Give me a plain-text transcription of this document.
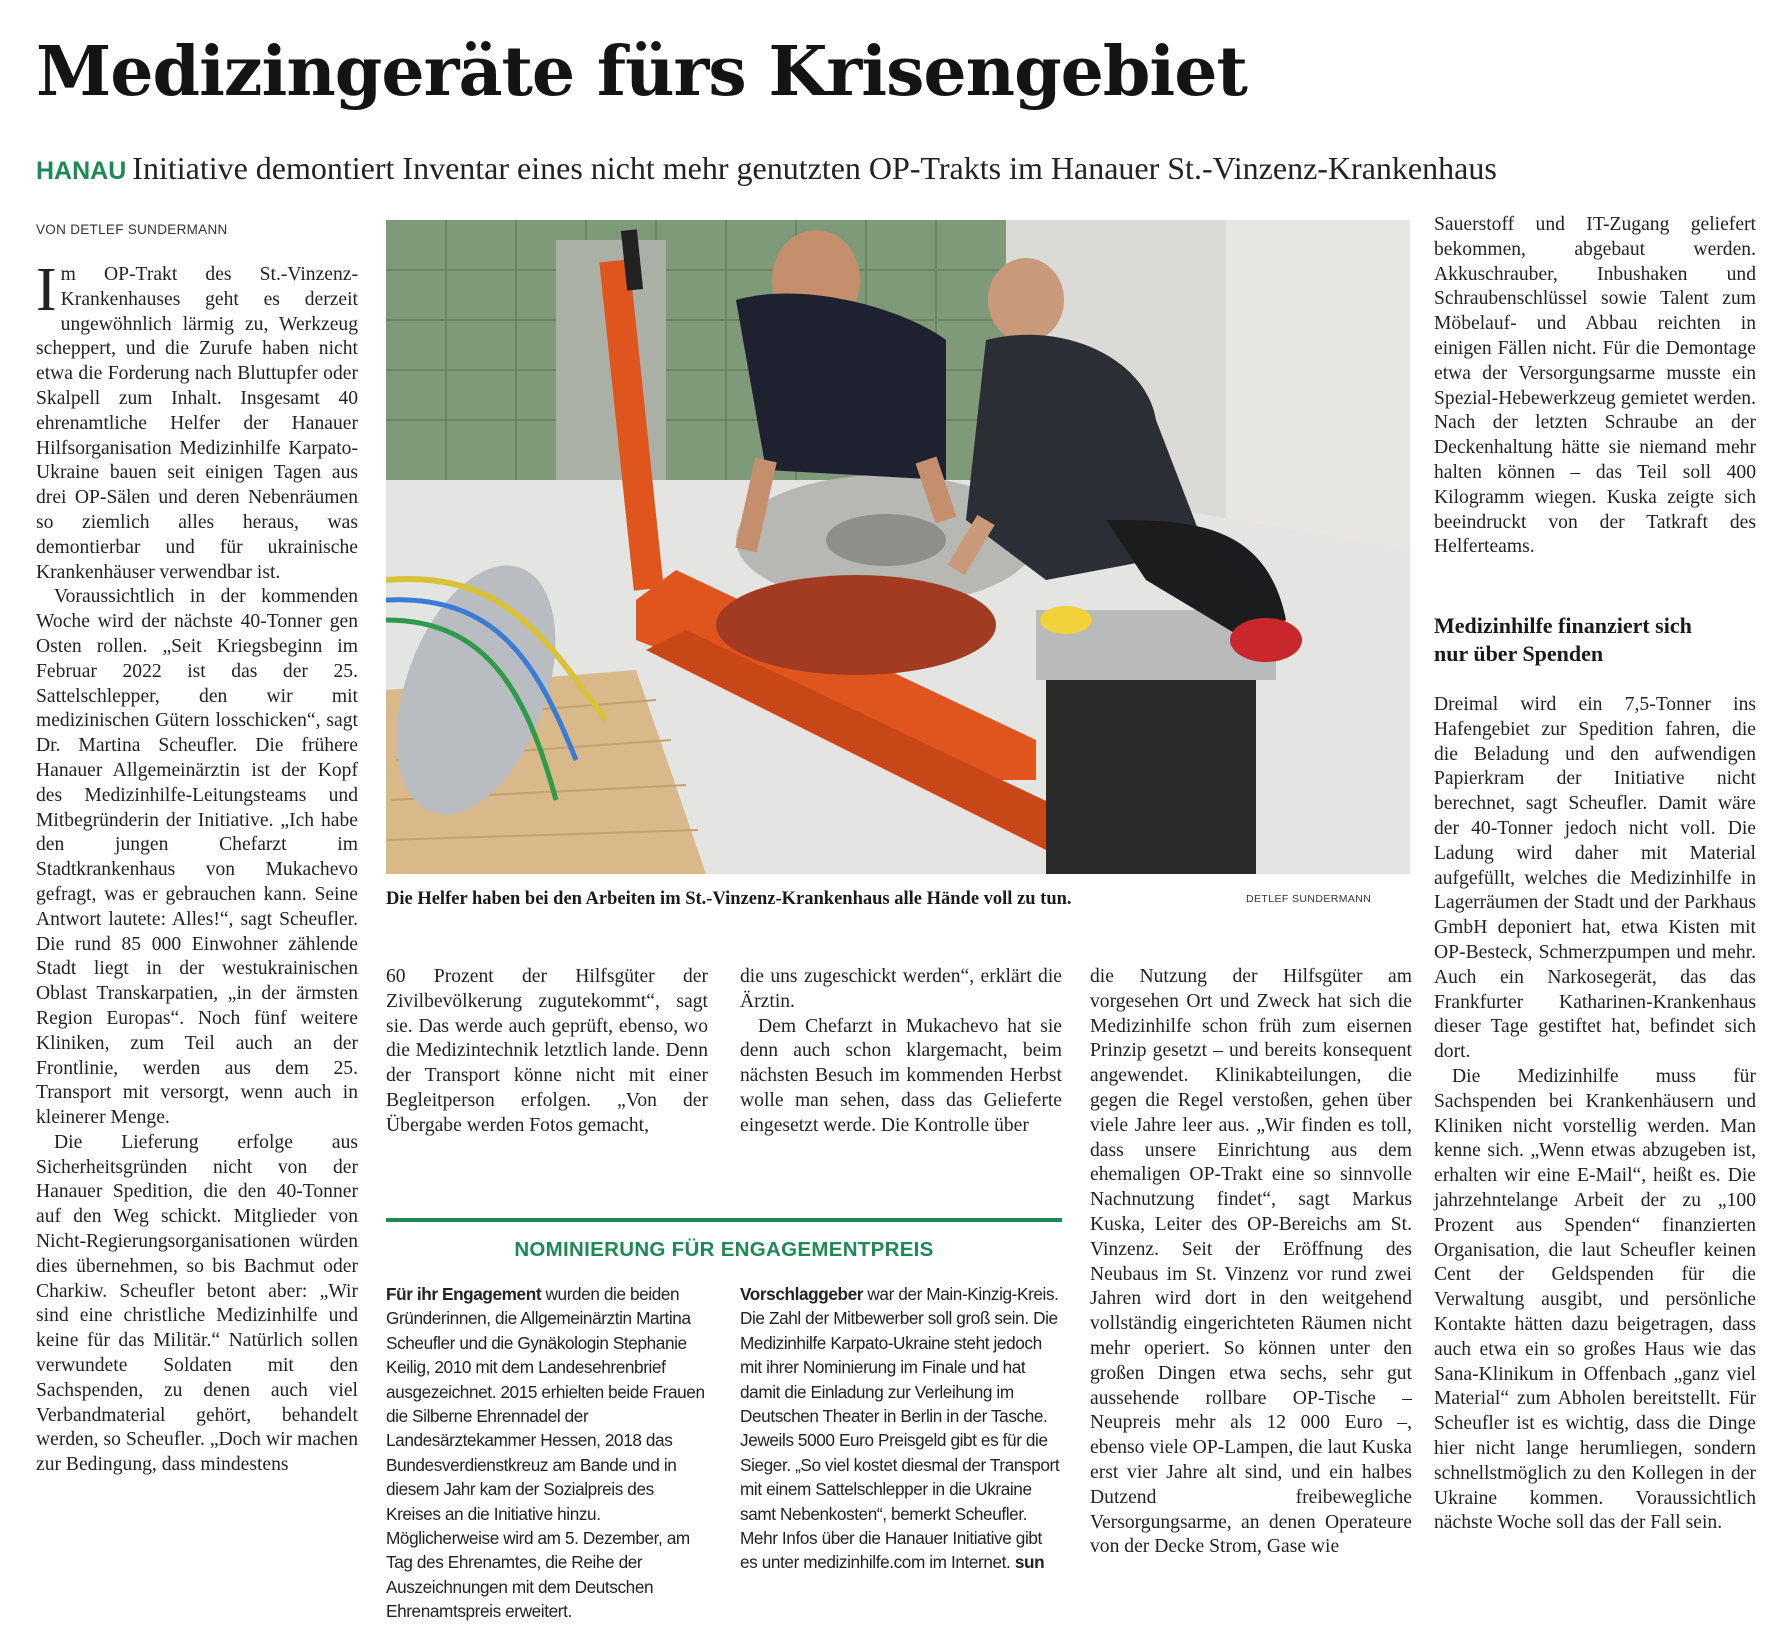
Medizingeräte fürs Krisengebiet
HANAU Initiative demontiert Inventar eines nicht mehr genutzten OP-Trakts im Hanauer St.-Vinzenz-Krankenhaus
VON DETLEF SUNDERMANN

Im OP-Trakt des St.-Vinzenz-Krankenhauses geht es derzeit ungewöhnlich lärmig zu, Werkzeug scheppert, und die Zurufe haben nicht etwa die Forderung nach Bluttupfer oder Skalpell zum Inhalt. Insgesamt 40 ehrenamtliche Helfer der Hanauer Hilfsorganisation Medizinhilfe Karpato-Ukraine bauen seit einigen Tagen aus drei OP-Sälen und deren Nebenräumen so ziemlich alles heraus, was demontierbar und für ukrainische Krankenhäuser verwendbar ist.

Voraussichtlich in der kommenden Woche wird der nächste 40-Tonner gen Osten rollen. „Seit Kriegsbeginn im Februar 2022 ist das der 25. Sattelschlepper, den wir mit medizinischen Gütern losschicken“, sagt Dr. Martina Scheufler. Die frühere Hanauer Allgemeinärztin ist der Kopf des Medizinhilfe-Leitungsteams und Mitbegründerin der Initiative. „Ich habe den jungen Chefarzt im Stadtkrankenhaus von Mukachevo gefragt, was er gebrauchen kann. Seine Antwort lautete: Alles!“, sagt Scheufler. Die rund 85 000 Einwohner zählende Stadt liegt in der westukrainischen Oblast Transkarpatien, „in der ärmsten Region Europas“. Noch fünf weitere Kliniken, zum Teil auch an der Frontlinie, werden aus dem 25. Transport mit versorgt, wenn auch in kleinerer Menge.

Die Lieferung erfolge aus Sicherheitsgründen nicht von der Hanauer Spedition, die den 40-Tonner auf den Weg schickt. Mitglieder von Nicht-Regierungsorganisationen würden dies übernehmen, so bis Bachmut oder Charkiw. Scheufler betont aber: „Wir sind eine christliche Medizinhilfe und keine für das Militär.“ Natürlich sollen verwundete Soldaten mit den Sachspenden, zu denen auch viel Verbandmaterial gehört, behandelt werden, so Scheufler. „Doch wir machen zur Bedingung, dass mindestens

Die Helfer haben bei den Arbeiten im St.-Vinzenz-Krankenhaus alle Hände voll zu tun.	DETLEF SUNDERMANN

60 Prozent der Hilfsgüter der Zivilbevölkerung zugutekommt“, sagt sie. Das werde auch geprüft, ebenso, wo die Medizintechnik letztlich lande. Denn der Transport könne nicht mit einer Begleitperson erfolgen. „Von der Übergabe werden Fotos gemacht,

die uns zugeschickt werden“, erklärt die Ärztin.

Dem Chefarzt in Mukachevo hat sie denn auch schon klargemacht, beim nächsten Besuch im kommenden Herbst wolle man sehen, dass das Gelieferte eingesetzt werde. Die Kontrolle über

die Nutzung der Hilfsgüter am vorgesehen Ort und Zweck hat sich die Medizinhilfe schon früh zum eisernen Prinzip gesetzt – und bereits konsequent angewendet. Klinikabteilungen, die gegen die Regel verstoßen, gehen über viele Jahre leer aus. „Wir finden es toll, dass unsere Einrichtung aus dem ehemaligen OP-Trakt eine so sinnvolle Nachnutzung findet“, sagt Markus Kuska, Leiter des OP-Bereichs am St. Vinzenz. Seit der Eröffnung des Neubaus im St. Vinzenz vor rund zwei Jahren wird dort in den weitgehend vollständig eingerichteten Räumen nicht mehr operiert. So können unter den großen Dingen etwa sechs, sehr gut aussehende rollbare OP-Tische – Neupreis mehr als 12 000 Euro –, ebenso viele OP-Lampen, die laut Kuska erst vier Jahre alt sind, und ein halbes Dutzend freibewegliche Versorgungsarme, an denen Operateure von der Decke Strom, Gase wie

Sauerstoff und IT-Zugang geliefert bekommen, abgebaut werden. Akkuschrauber, Inbushaken und Schraubenschlüssel sowie Talent zum Möbelauf- und Abbau reichten in einigen Fällen nicht. Für die Demontage etwa der Versorgungsarme musste ein Spezial-Hebewerkzeug gemietet werden. Nach der letzten Schraube an der Deckenhaltung hätte sie niemand mehr halten können – das Teil soll 400 Kilogramm wiegen. Kuska zeigte sich beeindruckt von der Tatkraft des Helferteams.

Medizinhilfe finanziert sich nur über Spenden

Dreimal wird ein 7,5-Tonner ins Hafengebiet zur Spedition fahren, die die Beladung und den aufwendigen Papierkram der Initiative nicht berechnet, sagt Scheufler. Damit wäre der 40-Tonner jedoch nicht voll. Die Ladung wird daher mit Material aufgefüllt, welches die Medizinhilfe in Lagerräumen der Stadt und der Parkhaus GmbH deponiert hat, etwa Kisten mit OP-Besteck, Schmerzpumpen und mehr. Auch ein Narkosegerät, das das Frankfurter Katharinen-Krankenhaus dieser Tage gestiftet hat, befindet sich dort.

Die Medizinhilfe muss für Sachspenden bei Krankenhäusern und Kliniken nicht vorstellig werden. Man kenne sich. „Wenn etwas abzugeben ist, erhalten wir eine E-Mail“, heißt es. Die jahrzehntelange Arbeit der zu „100 Prozent aus Spenden“ finanzierten Organisation, die laut Scheufler keinen Cent der Geldspenden für die Verwaltung ausgibt, und persönliche Kontakte hätten dazu beigetragen, dass auch etwa ein so großes Haus wie das Sana-Klinikum in Offenbach „ganz viel Material“ zum Abholen bereitstellt. Für Scheufler ist es wichtig, dass die Dinge hier nicht lange herumliegen, sondern schnellstmöglich zu den Kollegen in der Ukraine kommen. Voraussichtlich nächste Woche soll das der Fall sein.

NOMINIERUNG FÜR ENGAGEMENTPREIS

Für ihr Engagement wurden die beiden Gründerinnen, die Allgemeinärztin Martina Scheufler und die Gynäkologin Stephanie Keilig, 2010 mit dem Landesehrenbrief ausgezeichnet. 2015 erhielten beide Frauen die Silberne Ehrennadel der Landesärztekammer Hessen, 2018 das Bundesverdienstkreuz am Bande und in diesem Jahr kam der Sozialpreis des Kreises an die Initiative hinzu. Möglicherweise wird am 5. Dezember, am Tag des Ehrenamtes, die Reihe der Auszeichnungen mit dem Deutschen Ehrenamtspreis erweitert.

Vorschlaggeber war der Main-Kinzig-Kreis. Die Zahl der Mitbewerber soll groß sein. Die Medizinhilfe Karpato-Ukraine steht jedoch mit ihrer Nominierung im Finale und hat damit die Einladung zur Verleihung im Deutschen Theater in Berlin in der Tasche. Jeweils 5000 Euro Preisgeld gibt es für die Sieger. „So viel kostet diesmal der Transport mit einem Sattelschlepper in die Ukraine samt Nebenkosten“, bemerkt Scheufler. Mehr Infos über die Hanauer Initiative gibt es unter medizinhilfe.com im Internet. sun
